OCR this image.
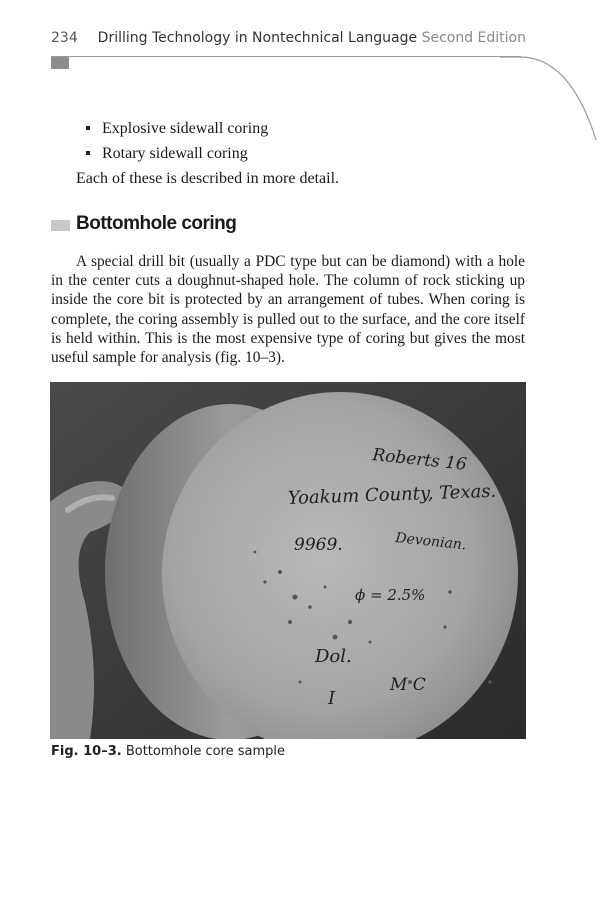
234 Drilling Technology in Nontechnical Language Second Edition
Explosive sidewall coring
Rotary sidewall coring
Each of these is described in more detail.
Bottomhole coring

A special drill bit (usually a PDC type but can be diamond) with a hole in the center cuts a doughnut-shaped hole. The column of rock sticking up inside the core bit is protected by an arrangement of tubes. When coring is complete, the coring assembly is pulled out to the surface, and the core itself is held within. This is the most expensive type of coring but gives the most useful sample for analysis (fig. 10–3).

Roberts 16
Yoakum County, Texas.
9969.	Devonian.
ϕ = 2.5%
Dol.
I
M C
Fig. 10–3. Bottomhole core sample
